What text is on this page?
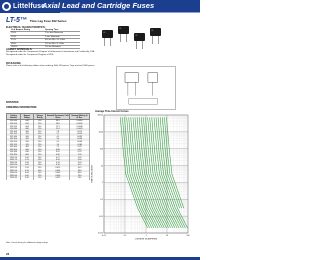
Littelfuse
Axial Lead and Cartridge Fuses
LT-5™ Time Lag Fuse 392 Series
ELECTRICAL CHARACTERISTICS:
% of Ampere Rating	Opening Time
150%	2 hrs min./Maximum
210%	2 min. Maximum
275%	400 ms Min / 10 s Max
400%	150 ms Min / 3 s Max
1000%	200 ms Maximum
AGENCY APPROVALS:
Recognized under the Components Program of Underwriters Laboratories and Certified by CSA. Recognized under the Component Program of VDE.
PACKAGING:
Please refer to the following suffixes when ordering: Bulk 100 pieces, Tape and reel 1000 pieces.
PATENTED
ORDERING INFORMATION:
Catalog Number	Ampere Rating	Voltage Rating	Nominal Resistance Cold Ohms	Nominal Melting I²t A² Sec.
392.040	.040	250	38.5	0.0010
392.050	.050	250	26.0	0.0022
392.063	.063	250	17.5	0.0040
392.080	.080	250	11.4	0.0070
392.100	.100	250	7.8	0.012
392.125	.125	250	5.7	0.019
392.160	.160	250	4.2	0.033
392.200	.200	250	3.0	0.058
392.250	.250	250	2.1	0.096
392.315	.315	250	1.6	0.160
392.400	.400	250	1.1	0.28
392.500	.500	250	0.80	0.47
392.630	.630	250	0.55	0.78
392.800	.800	250	0.40	1.30
3921.00	1.00	250	0.27	2.20
3921.25	1.25	250	0.20	3.50
3921.60	1.60	250	0.14	6.20
3922.00	2.00	250	0.10	10.5
3922.50	2.50	250	0.075	16.5
3923.15	3.15	250	0.055	28.0
3924.00	4.00	250	0.040	46.0
3925.00	5.00	250	0.030	78.0
3926.30	6.30	250	0.022	130
LF
LF
LF
LF
Average Time Current Curves
0.01	0.1	1	10	100
10000
1000
100
10
1
0.1
0.01
0.001
CURRENT IN AMPERES
TIME IN SECONDS
Note: Consult factory for additional voltage ratings.
24
